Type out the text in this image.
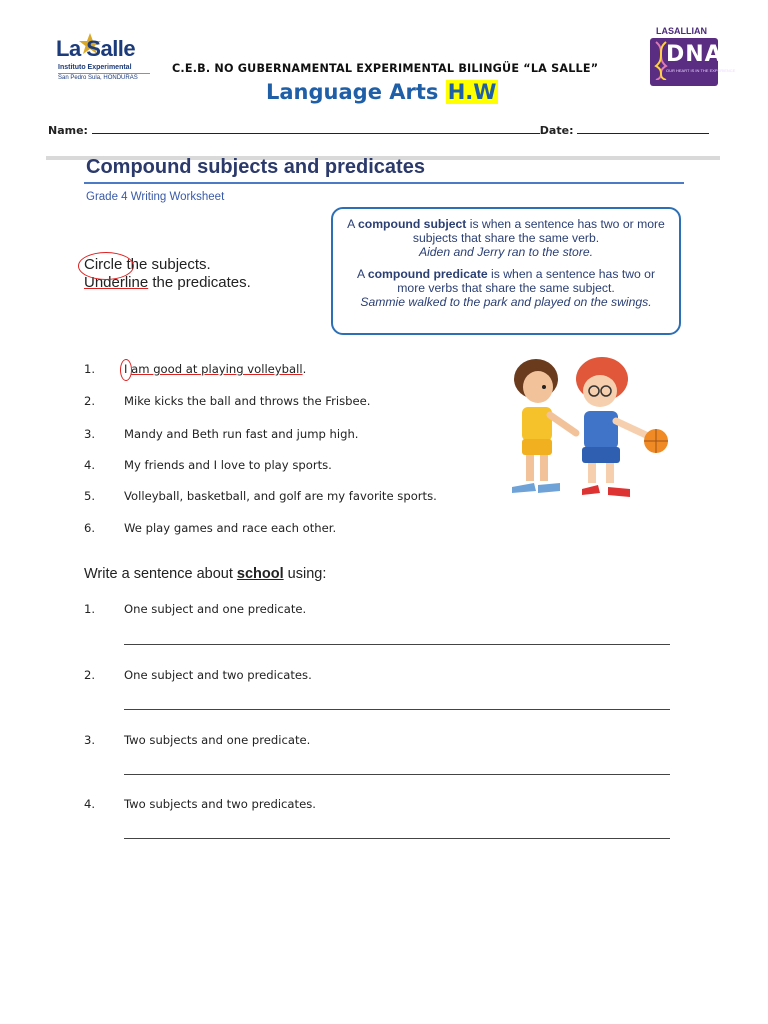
La Salle
Instituto Experimental
San Pedro Sula, HONDURAS
C.E.B. NO GUBERNAMENTAL EXPERIMENTAL BILINGÜE “LA SALLE”
Language Arts H.W
LASALLIAN
DNA
OUR HEART IS IN THE EXPERIENCE
Name:	Date:
Compound subjects and predicates
Grade 4 Writing Worksheet
Circle the subjects.
Underline the predicates.

A compound subject is when a sentence has two or more subjects that share the same verb.

Aiden and Jerry ran to the store.

A compound predicate is when a sentence has two or more verbs that share the same subject.

Sammie walked to the park and played on the swings.

1. I am good at playing volleyball.
2. Mike kicks the ball and throws the Frisbee.
3. Mandy and Beth run fast and jump high.
4. My friends and I love to play sports.
5. Volleyball, basketball, and golf are my favorite sports.
6. We play games and race each other.
Write a sentence about school using:
1. One subject and one predicate.
2. One subject and two predicates.
3. Two subjects and one predicate.
4. Two subjects and two predicates.
